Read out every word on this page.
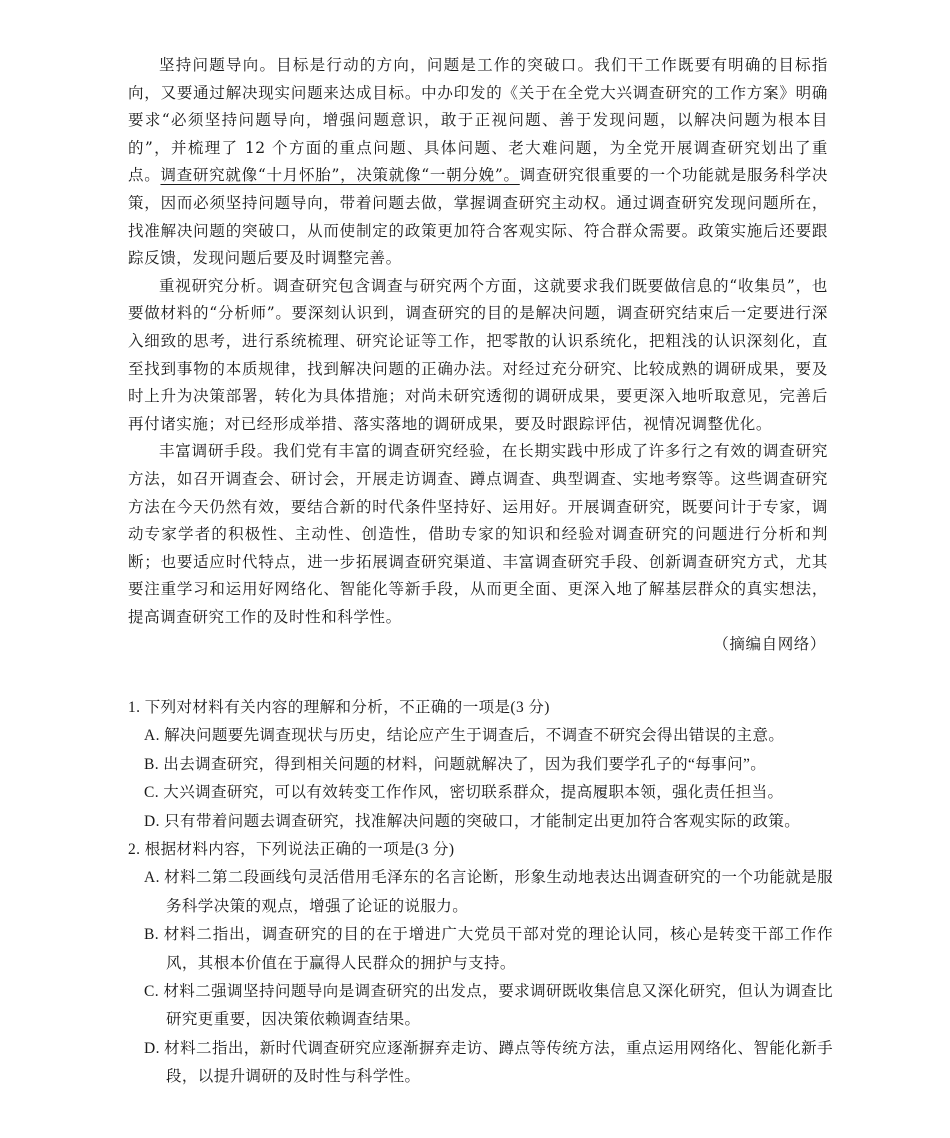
坚持问题导向。目标是行动的方向，问题是工作的突破口。我们干工作既要有明确的目标指向，又要通过解决现实问题来达成目标。中办印发的《关于在全党大兴调查研究的工作方案》明确要求“必须坚持问题导向，增强问题意识，敢于正视问题、善于发现问题，以解决问题为根本目的”，并梳理了 12 个方面的重点问题、具体问题、老大难问题，为全党开展调查研究划出了重点。调查研究就像“十月怀胎”，决策就像“一朝分娩”。调查研究很重要的一个功能就是服务科学决策，因而必须坚持问题导向，带着问题去做，掌握调查研究主动权。通过调查研究发现问题所在，找准解决问题的突破口，从而使制定的政策更加符合客观实际、符合群众需要。政策实施后还要跟踪反馈，发现问题后要及时调整完善。

重视研究分析。调查研究包含调查与研究两个方面，这就要求我们既要做信息的“收集员”，也要做材料的“分析师”。要深刻认识到，调查研究的目的是解决问题，调查研究结束后一定要进行深入细致的思考，进行系统梳理、研究论证等工作，把零散的认识系统化，把粗浅的认识深刻化，直至找到事物的本质规律，找到解决问题的正确办法。对经过充分研究、比较成熟的调研成果，要及时上升为决策部署，转化为具体措施；对尚未研究透彻的调研成果，要更深入地听取意见，完善后再付诸实施；对已经形成举措、落实落地的调研成果，要及时跟踪评估，视情况调整优化。

丰富调研手段。我们党有丰富的调查研究经验，在长期实践中形成了许多行之有效的调查研究方法，如召开调查会、研讨会，开展走访调查、蹲点调查、典型调查、实地考察等。这些调查研究方法在今天仍然有效，要结合新的时代条件坚持好、运用好。开展调查研究，既要问计于专家，调动专家学者的积极性、主动性、创造性，借助专家的知识和经验对调查研究的问题进行分析和判断；也要适应时代特点，进一步拓展调查研究渠道、丰富调查研究手段、创新调查研究方式，尤其要注重学习和运用好网络化、智能化等新手段，从而更全面、更深入地了解基层群众的真实想法，提高调查研究工作的及时性和科学性。

（摘编自网络）

1. 下列对材料有关内容的理解和分析，不正确的一项是(3 分)

A. 解决问题要先调查现状与历史，结论应产生于调查后，不调查不研究会得出错误的主意。

B. 出去调查研究，得到相关问题的材料，问题就解决了，因为我们要学孔子的“每事问”。

C. 大兴调查研究，可以有效转变工作作风，密切联系群众，提高履职本领，强化责任担当。

D. 只有带着问题去调查研究，找准解决问题的突破口，才能制定出更加符合客观实际的政策。

2. 根据材料内容，下列说法正确的一项是(3 分)

A. 材料二第二段画线句灵活借用毛泽东的名言论断，形象生动地表达出调查研究的一个功能就是服务科学决策的观点，增强了论证的说服力。

B. 材料二指出，调查研究的目的在于增进广大党员干部对党的理论认同，核心是转变干部工作作风，其根本价值在于赢得人民群众的拥护与支持。

C. 材料二强调坚持问题导向是调查研究的出发点，要求调研既收集信息又深化研究，但认为调查比研究更重要，因决策依赖调查结果。

D. 材料二指出，新时代调查研究应逐渐摒弃走访、蹲点等传统方法，重点运用网络化、智能化新手段，以提升调研的及时性与科学性。
